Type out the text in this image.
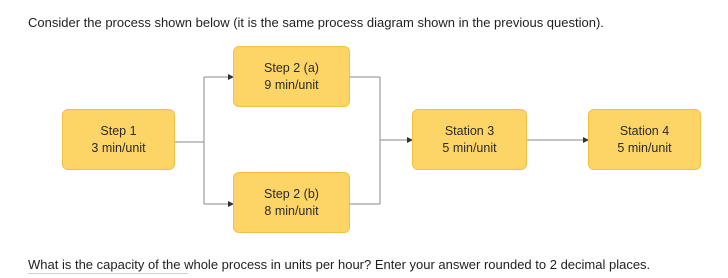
Consider the process shown below (it is the same process diagram shown in the previous question).
Step 1
3 min/unit
Step 2 (a)
9 min/unit
Step 2 (b)
8 min/unit
Station 3
5 min/unit
Station 4
5 min/unit
What is the capacity of the whole process in units per hour? Enter your answer rounded to 2 decimal places.
